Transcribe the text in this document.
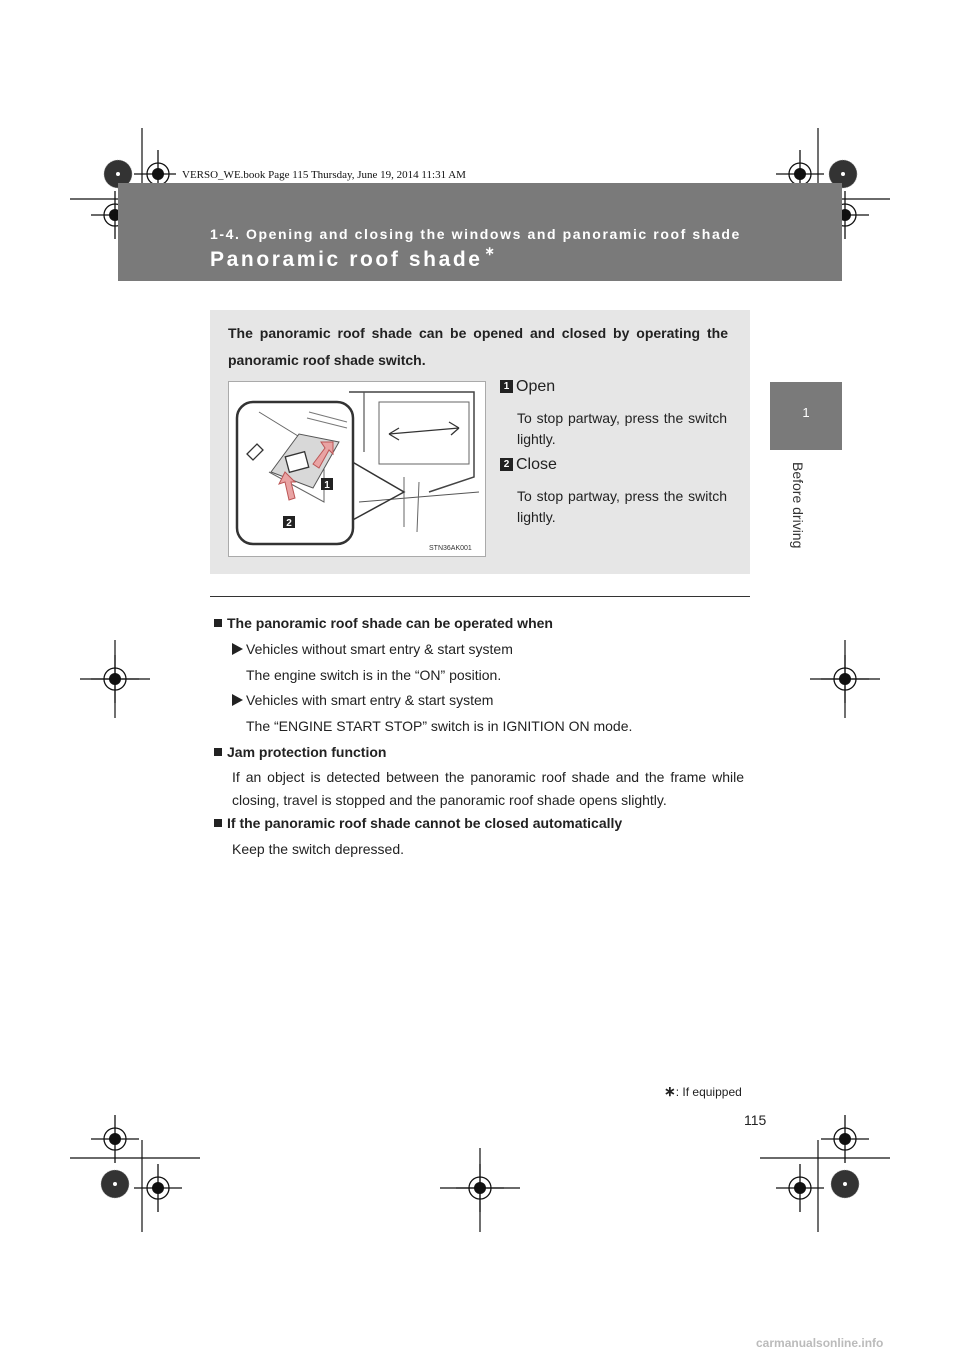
VERSO_WE.book Page 115 Thursday, June 19, 2014 11:31 AM
1-4. Opening and closing the windows and panoramic roof shade
Panoramic roof shade ∗
1
Before driving
The panoramic roof shade can be opened and closed by operating the panoramic roof shade switch.
1
2
STN36AK001
1 Open
To stop partway, press the switch lightly.
2 Close
To stop partway, press the switch lightly.
The panoramic roof shade can be operated when
Vehicles without smart entry & start system
The engine switch is in the “ON” position.
Vehicles with smart entry & start system
The “ENGINE START STOP” switch is in IGNITION ON mode.
Jam protection function
If an object is detected between the panoramic roof shade and the frame while closing, travel is stopped and the panoramic roof shade opens slightly.
If the panoramic roof shade cannot be closed automatically
Keep the switch depressed.
∗: If equipped
115
carmanualsonline.info
